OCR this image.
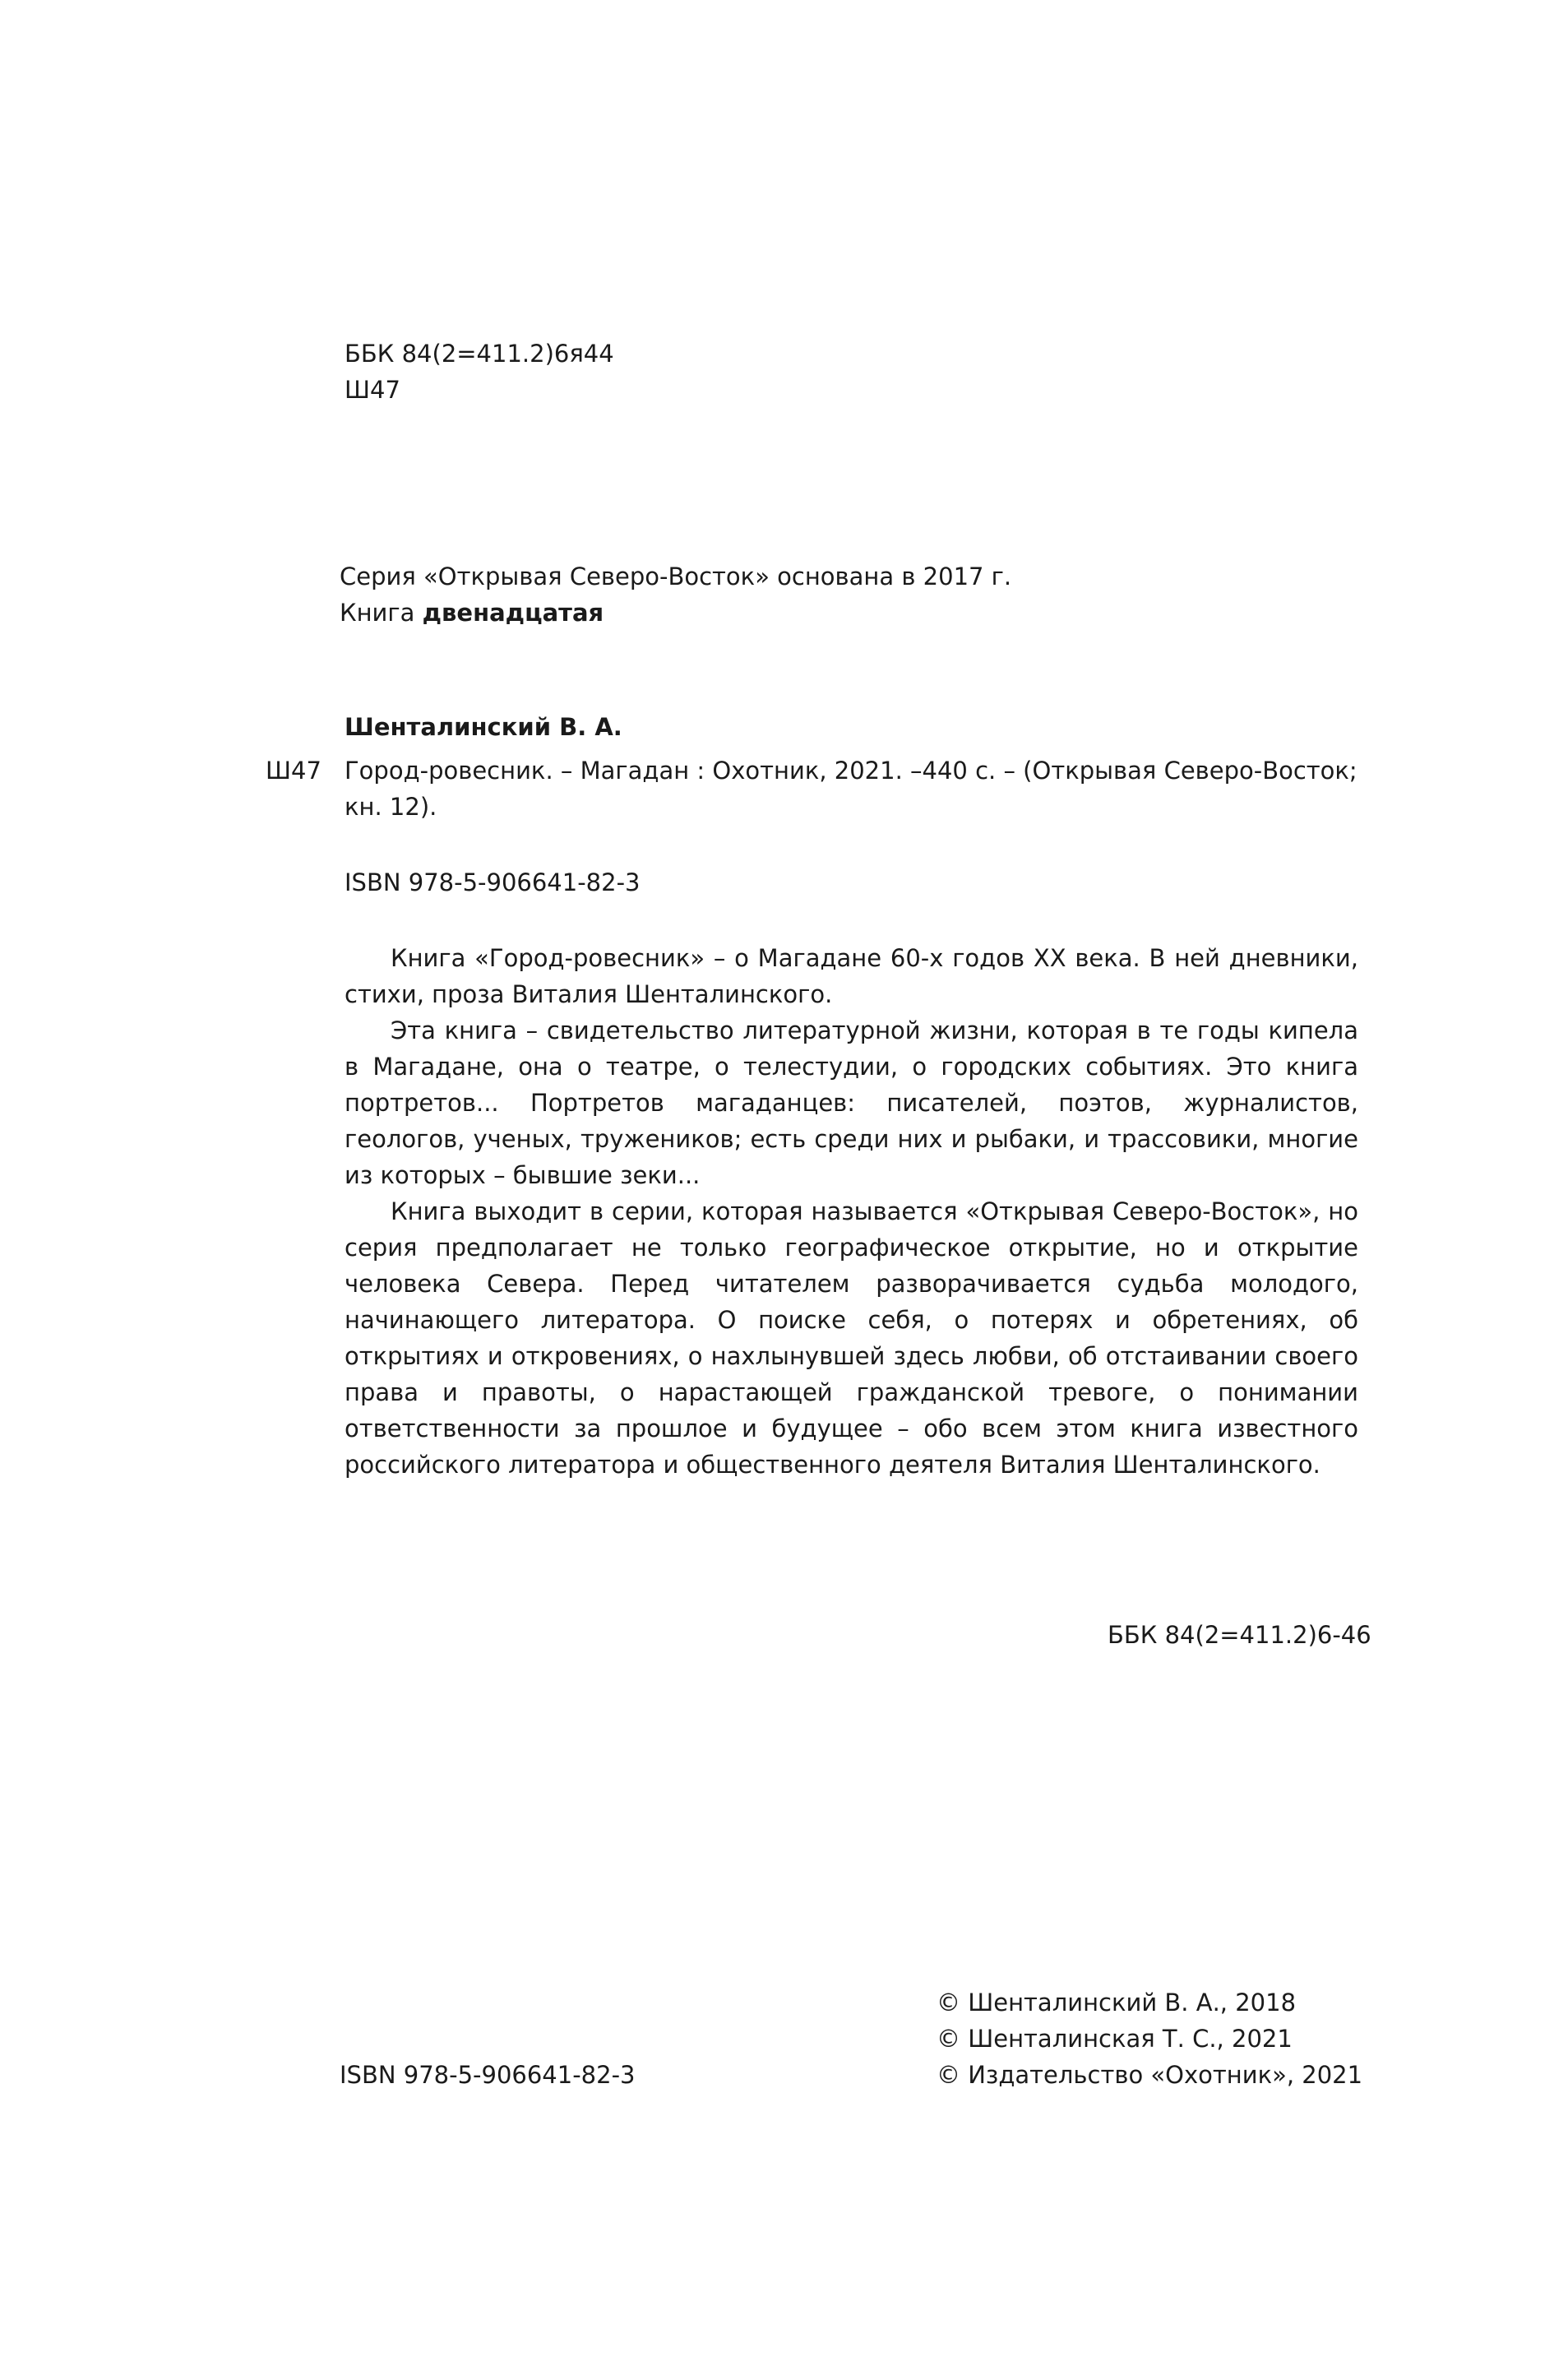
ББК 84(2=411.2)6я44
Ш47
Серия «Открывая Северо-Восток» основана в 2017 г.
Книга двенадцатая
Шенталинский В. А.
Ш47 Город-ровесник. – Магадан : Охотник, 2021. –440 с. – (Открывая Северо-Восток;
кн. 12).
ISBN 978-5-906641-82-3

Книга «Город-ровесник» – о Магадане 60-х годов XX века. В ней дневники, стихи, проза Виталия Шенталинского.

Эта книга – свидетельство литературной жизни, которая в те годы кипела в Магадане, она о театре, о телестудии, о городских событиях. Это книга портретов... Портретов магаданцев: писателей, поэтов, журналистов, геологов, ученых, тружеников; есть среди них и рыбаки, и трассовики, многие из которых – бывшие зеки...

Книга выходит в серии, которая называется «Открывая Северо-Восток», но серия предполагает не только географическое открытие, но и открытие человека Севера. Перед читателем разворачивается судьба молодого, начинающего литератора. О поиске себя, о потерях и обретениях, об открытиях и откровениях, о нахлынувшей здесь любви, об отстаивании своего права и правоты, о нарастающей гражданской тревоге, о понимании ответственности за прошлое и будущее – обо всем этом книга известного российского литератора и общественного деятеля Виталия Шенталинского.

ББК 84(2=411.2)6-46
ISBN 978-5-906641-82-3
© Шенталинский В. А., 2018
© Шенталинская Т. С., 2021
© Издательство «Охотник», 2021
